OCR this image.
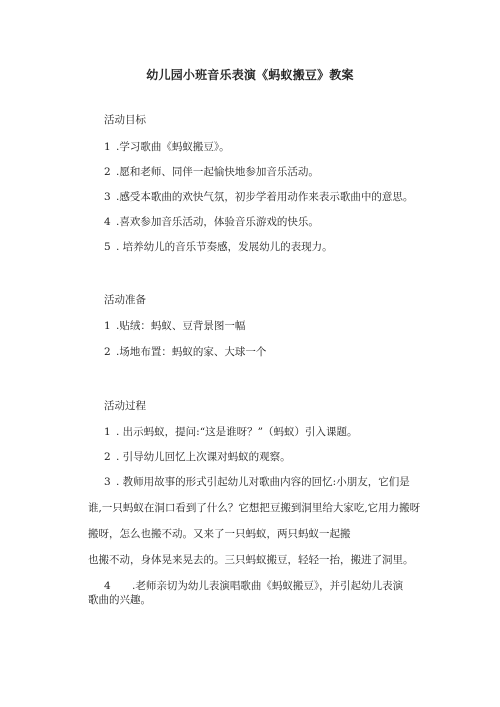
幼儿园小班音乐表演《蚂蚁搬豆》教案
活动目标
1 .学习歌曲《蚂蚁搬豆》。
2 .愿和老师、同伴一起愉快地参加音乐活动。
3 .感受本歌曲的欢快气氛，初步学着用动作来表示歌曲中的意思。
4 .喜欢参加音乐活动，体验音乐游戏的快乐。
5 . 培养幼儿的音乐节奏感，发展幼儿的表现力。
活动准备
1 .贴绒：蚂蚁、豆背景图一幅
2 .场地布置：蚂蚁的家、大球一个
活动过程
1 . 出示蚂蚁，提问:“这是谁呀？”（蚂蚁）引入课题。
2 . 引导幼儿回忆上次课对蚂蚁的观察。
3 . 教师用故事的形式引起幼儿对歌曲内容的回忆:小朋友，它们是
谁,一只蚂蚁在洞口看到了什么？它想把豆搬到洞里给大家吃,它用力搬呀
搬呀，怎么也搬不动。又来了一只蚂蚁，两只蚂蚁一起搬
也搬不动，身体晃来晃去的。三只蚂蚁搬豆，轻轻一抬，搬进了洞里。
4 .老师亲切为幼儿表演唱歌曲《蚂蚁搬豆》，并引起幼儿表演
歌曲的兴趣。
